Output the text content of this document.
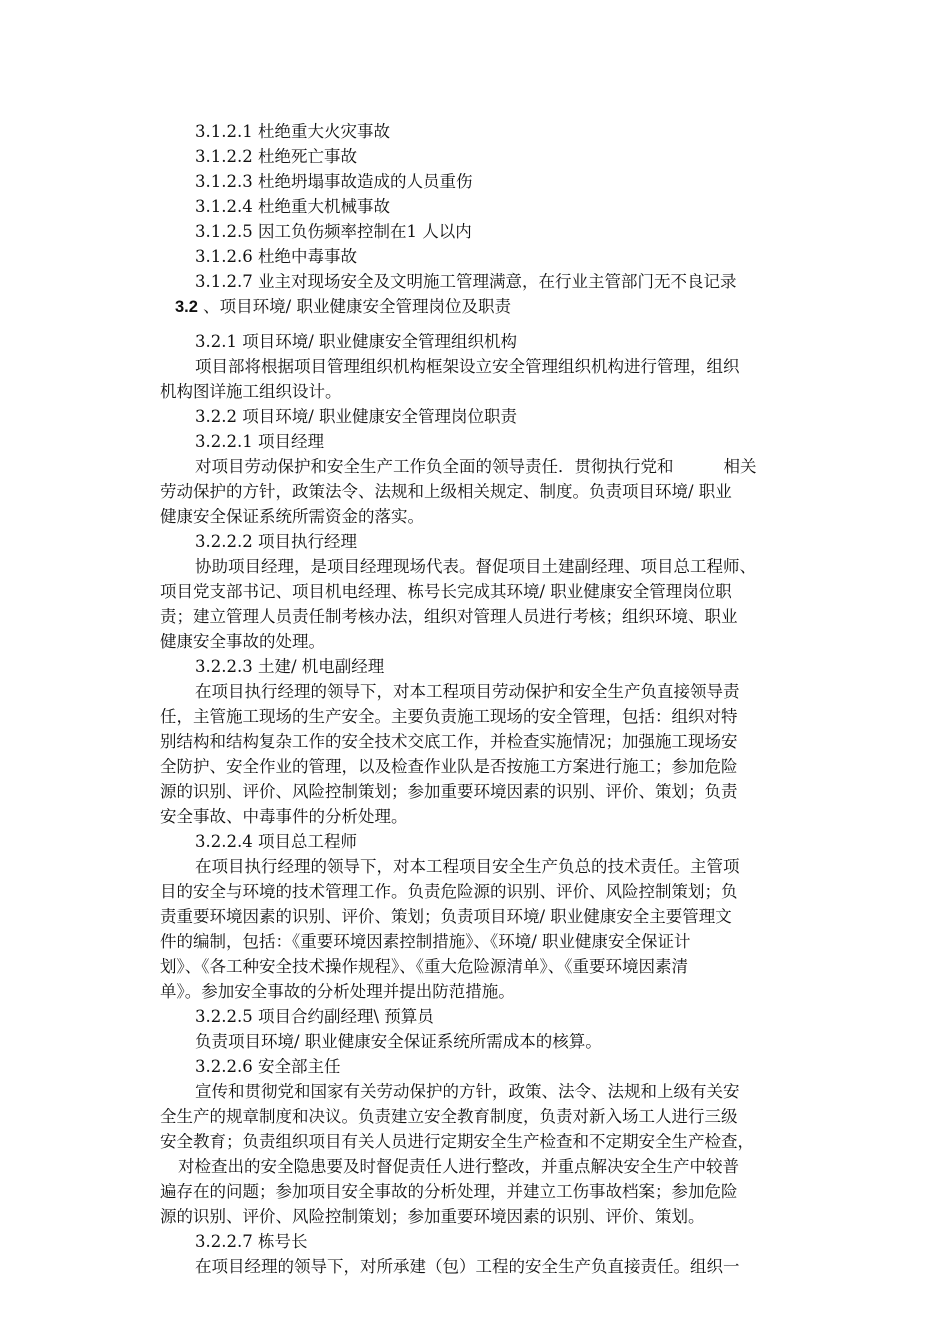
3.1.2.1 杜绝重大火灾事故
3.1.2.2 杜绝死亡事故
3.1.2.3 杜绝坍塌事故造成的人员重伤
3.1.2.4 杜绝重大机械事故
3.1.2.5 因工负伤频率控制在1 人以内
3.1.2.6 杜绝中毒事故
3.1.2.7 业主对现场安全及文明施工管理满意，在行业主管部门无不良记录
3.2 、项目环境/ 职业健康安全管理岗位及职责
3.2.1 项目环境/ 职业健康安全管理组织机构
项目部将根据项目管理组织机构框架设立安全管理组织机构进行管理，组织
机构图详施工组织设计。
3.2.2 项目环境/ 职业健康安全管理岗位职责
3.2.2.1 项目经理
对项目劳动保护和安全生产工作负全面的领导责任．贯彻执行党和	相关
劳动保护的方针，政策法令、法规和上级相关规定、制度。负责项目环境/ 职业
健康安全保证系统所需资金的落实。
3.2.2.2 项目执行经理
协助项目经理，是项目经理现场代表。督促项目土建副经理、项目总工程师、
项目党支部书记、项目机电经理、栋号长完成其环境/ 职业健康安全管理岗位职
责；建立管理人员责任制考核办法，组织对管理人员进行考核；组织环境、职业
健康安全事故的处理。
3.2.2.3 土建/ 机电副经理
在项目执行经理的领导下，对本工程项目劳动保护和安全生产负直接领导责
任，主管施工现场的生产安全。主要负责施工现场的安全管理，包括：组织对特
别结构和结构复杂工作的安全技术交底工作，并检查实施情况；加强施工现场安
全防护、安全作业的管理，以及检查作业队是否按施工方案进行施工；参加危险
源的识别、评价、风险控制策划；参加重要环境因素的识别、评价、策划；负责
安全事故、中毒事件的分析处理。
3.2.2.4 项目总工程师
在项目执行经理的领导下，对本工程项目安全生产负总的技术责任。主管项
目的安全与环境的技术管理工作。负责危险源的识别、评价、风险控制策划；负
责重要环境因素的识别、评价、策划；负责项目环境/ 职业健康安全主要管理文
件的编制，包括：《重要环境因素控制措施》、《环境/ 职业健康安全保证计
划》、《各工种安全技术操作规程》、《重大危险源清单》、《重要环境因素清
单》。参加安全事故的分析处理并提出防范措施。
3.2.2.5 项目合约副经理\ 预算员
负责项目环境/ 职业健康安全保证系统所需成本的核算。
3.2.2.6 安全部主任
宣传和贯彻党和国家有关劳动保护的方针，政策、法令、法规和上级有关安
全生产的规章制度和决议。负责建立安全教育制度，负责对新入场工人进行三级
安全教育；负责组织项目有关人员进行定期安全生产检查和不定期安全生产检查，
对检查出的安全隐患要及时督促责任人进行整改，并重点解决安全生产中较普
遍存在的问题；参加项目安全事故的分析处理，并建立工伤事故档案；参加危险
源的识别、评价、风险控制策划；参加重要环境因素的识别、评价、策划。
3.2.2.7 栋号长
在项目经理的领导下，对所承建（包）工程的安全生产负直接责任。组织一
